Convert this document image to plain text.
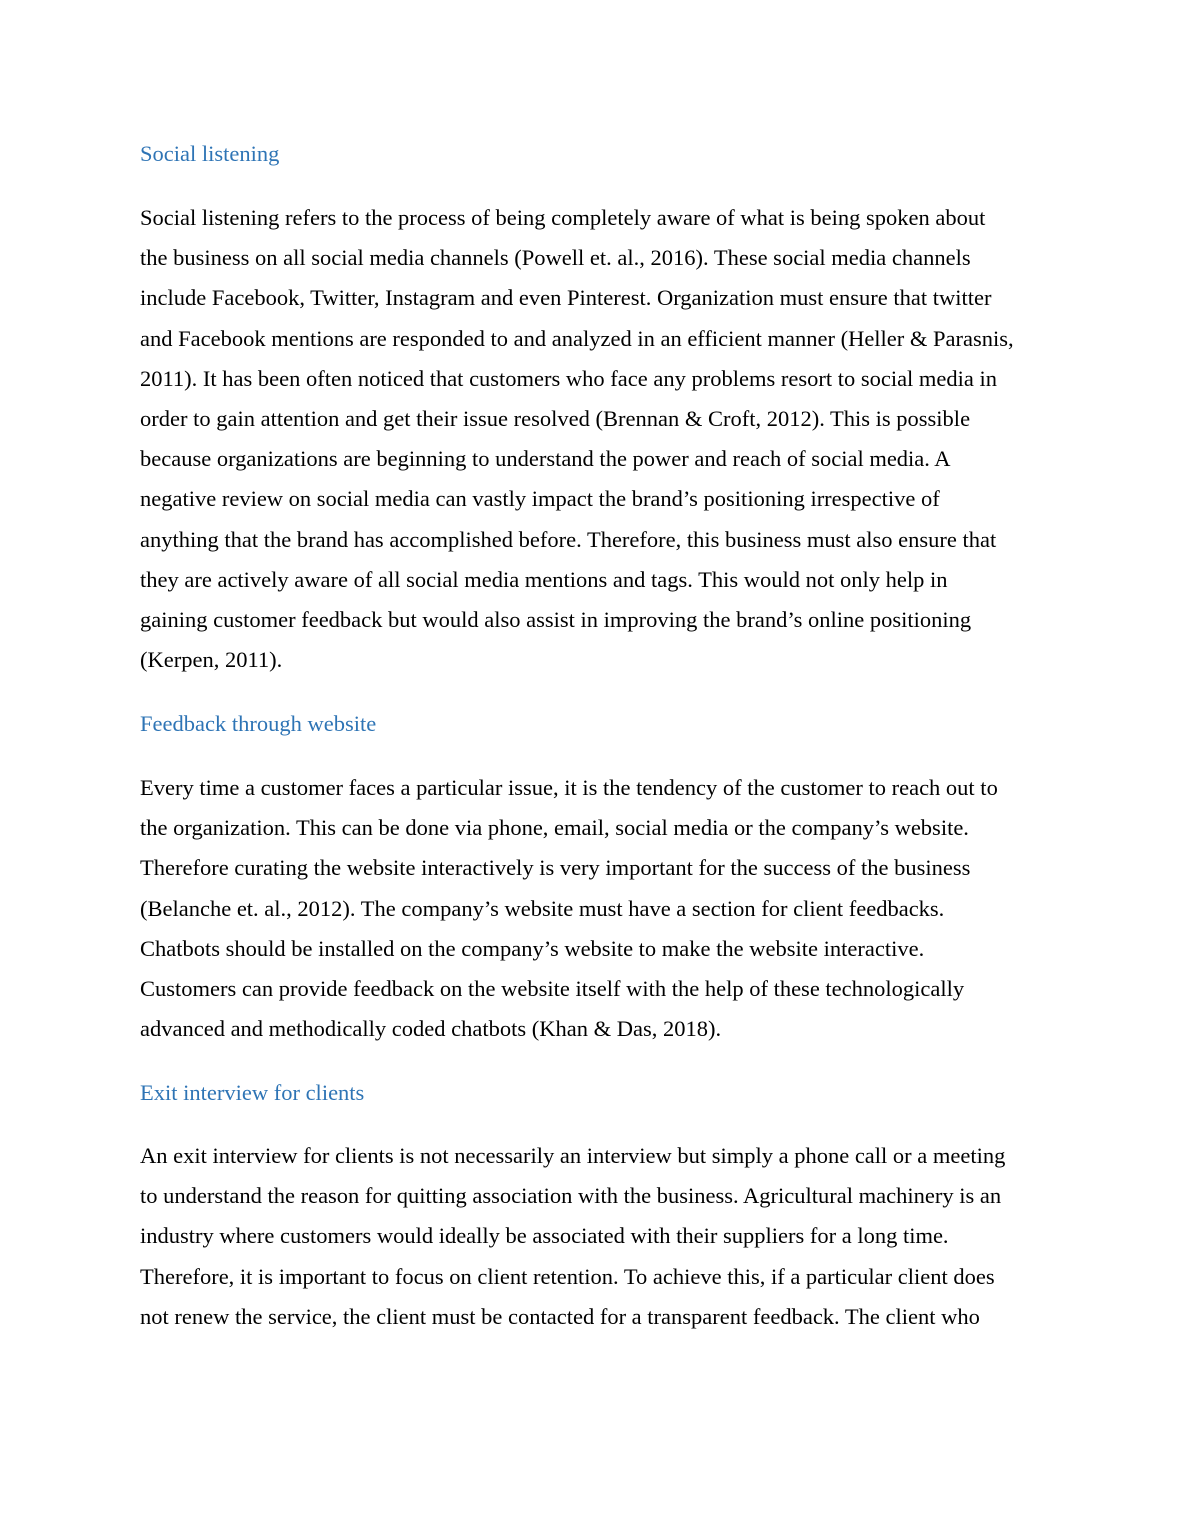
Social listening
Social listening refers to the process of being completely aware of what is being spoken about
the business on all social media channels (Powell et. al., 2016). These social media channels
include Facebook, Twitter, Instagram and even Pinterest. Organization must ensure that twitter
and Facebook mentions are responded to and analyzed in an efficient manner (Heller & Parasnis,
2011). It has been often noticed that customers who face any problems resort to social media in
order to gain attention and get their issue resolved (Brennan & Croft, 2012). This is possible
because organizations are beginning to understand the power and reach of social media. A
negative review on social media can vastly impact the brand’s positioning irrespective of
anything that the brand has accomplished before. Therefore, this business must also ensure that
they are actively aware of all social media mentions and tags. This would not only help in
gaining customer feedback but would also assist in improving the brand’s online positioning
(Kerpen, 2011).
Feedback through website
Every time a customer faces a particular issue, it is the tendency of the customer to reach out to
the organization. This can be done via phone, email, social media or the company’s website.
Therefore curating the website interactively is very important for the success of the business
(Belanche et. al., 2012). The company’s website must have a section for client feedbacks.
Chatbots should be installed on the company’s website to make the website interactive.
Customers can provide feedback on the website itself with the help of these technologically
advanced and methodically coded chatbots (Khan & Das, 2018).
Exit interview for clients
An exit interview for clients is not necessarily an interview but simply a phone call or a meeting
to understand the reason for quitting association with the business. Agricultural machinery is an
industry where customers would ideally be associated with their suppliers for a long time.
Therefore, it is important to focus on client retention. To achieve this, if a particular client does
not renew the service, the client must be contacted for a transparent feedback. The client who
